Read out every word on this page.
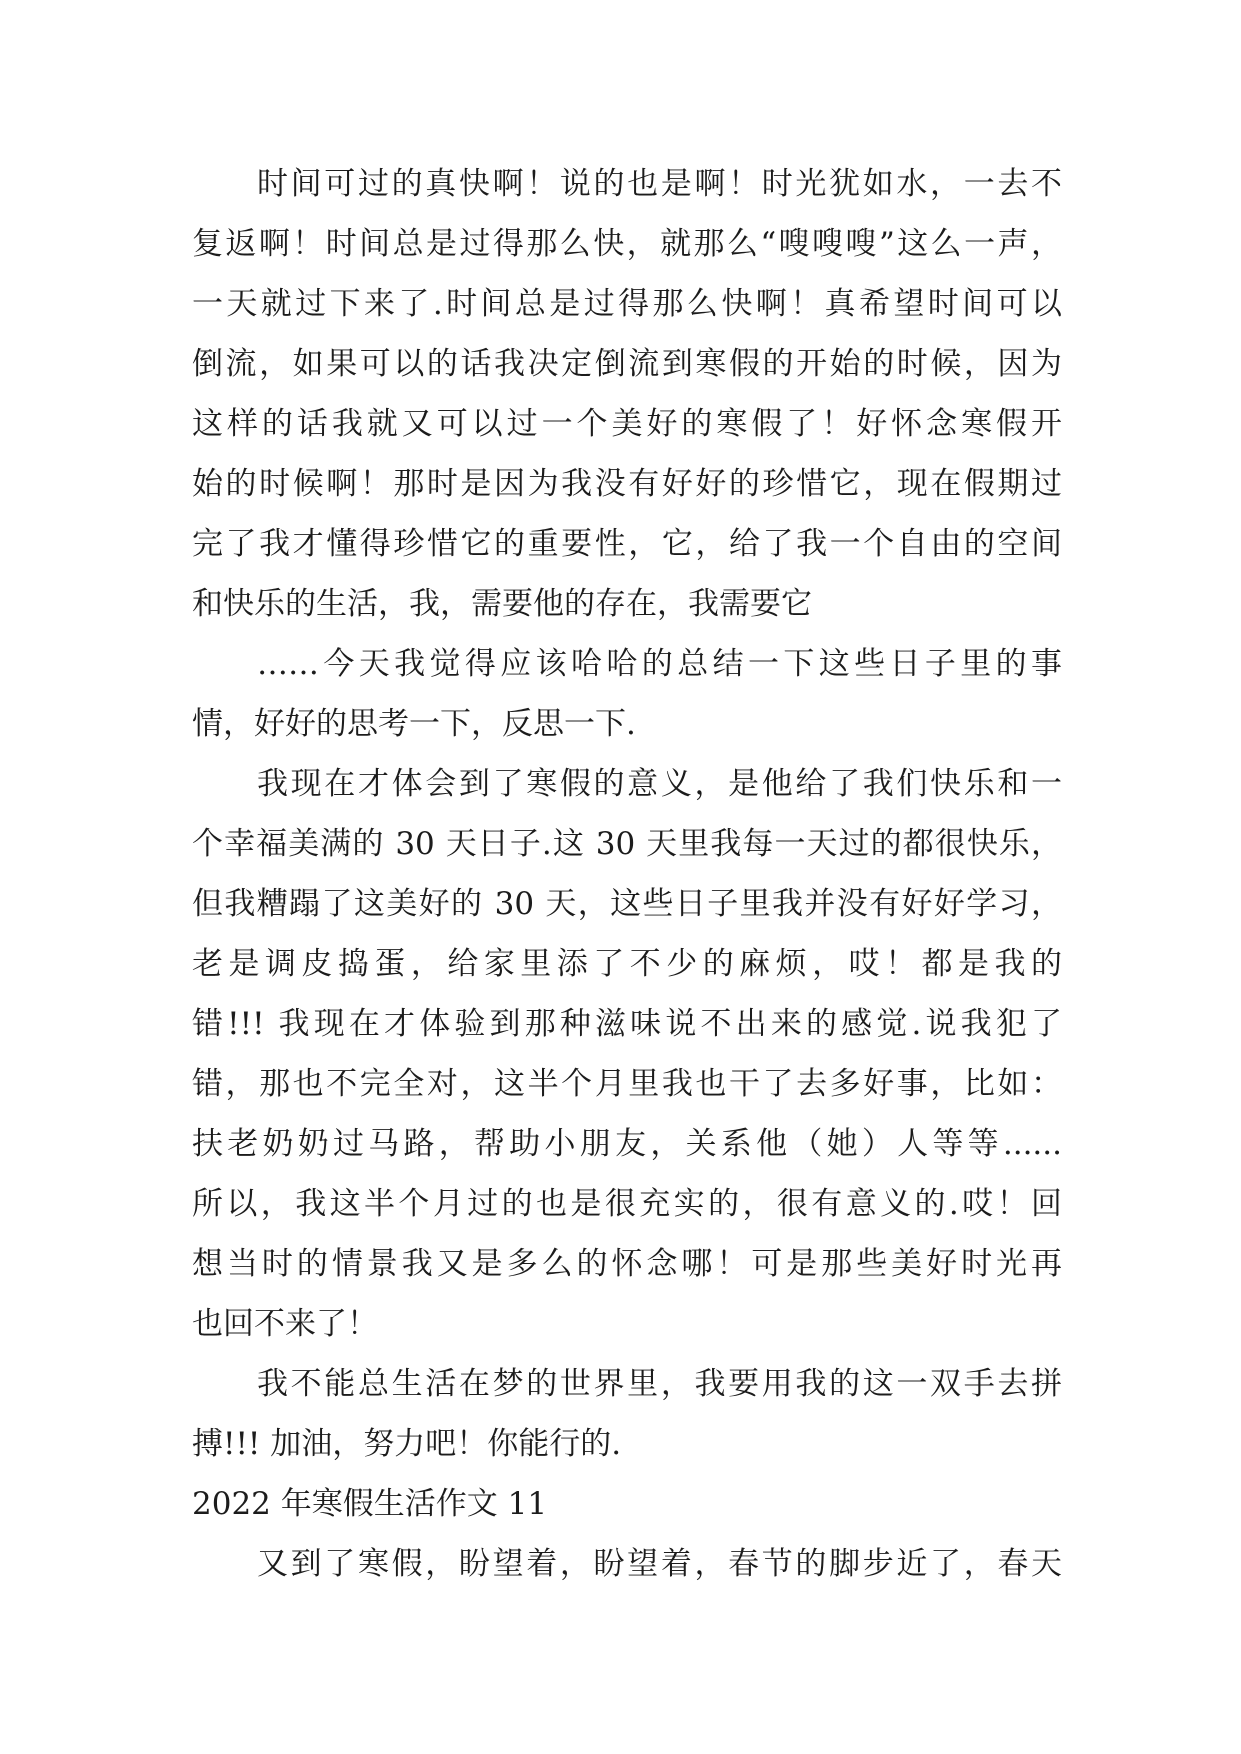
时间可过的真快啊！说的也是啊！时光犹如水，一去不
复返啊！时间总是过得那么快，就那么“嗖嗖嗖”这么一声，
一天就过下来了.时间总是过得那么快啊！真希望时间可以
倒流，如果可以的话我决定倒流到寒假的开始的时候，因为
这样的话我就又可以过一个美好的寒假了！好怀念寒假开
始的时候啊！那时是因为我没有好好的珍惜它，现在假期过
完了我才懂得珍惜它的重要性，它，给了我一个自由的空间
和快乐的生活，我，需要他的存在，我需要它
……今天我觉得应该哈哈的总结一下这些日子里的事
情，好好的思考一下，反思一下.
我现在才体会到了寒假的意义，是他给了我们快乐和一
个幸福美满的 30 天日子.这 30 天里我每一天过的都很快乐，
但我糟蹋了这美好的 30 天，这些日子里我并没有好好学习，
老是调皮捣蛋，给家里添了不少的麻烦，哎！都是我的
错!!! 我现在才体验到那种滋味说不出来的感觉.说我犯了
错，那也不完全对，这半个月里我也干了去多好事，比如：
扶老奶奶过马路，帮助小朋友，关系他（她）人等等......
所以，我这半个月过的也是很充实的，很有意义的.哎！回
想当时的情景我又是多么的怀念哪！可是那些美好时光再
也回不来了！
我不能总生活在梦的世界里，我要用我的这一双手去拼
搏!!! 加油，努力吧！你能行的.
2022 年寒假生活作文 11
又到了寒假，盼望着，盼望着，春节的脚步近了，春天
